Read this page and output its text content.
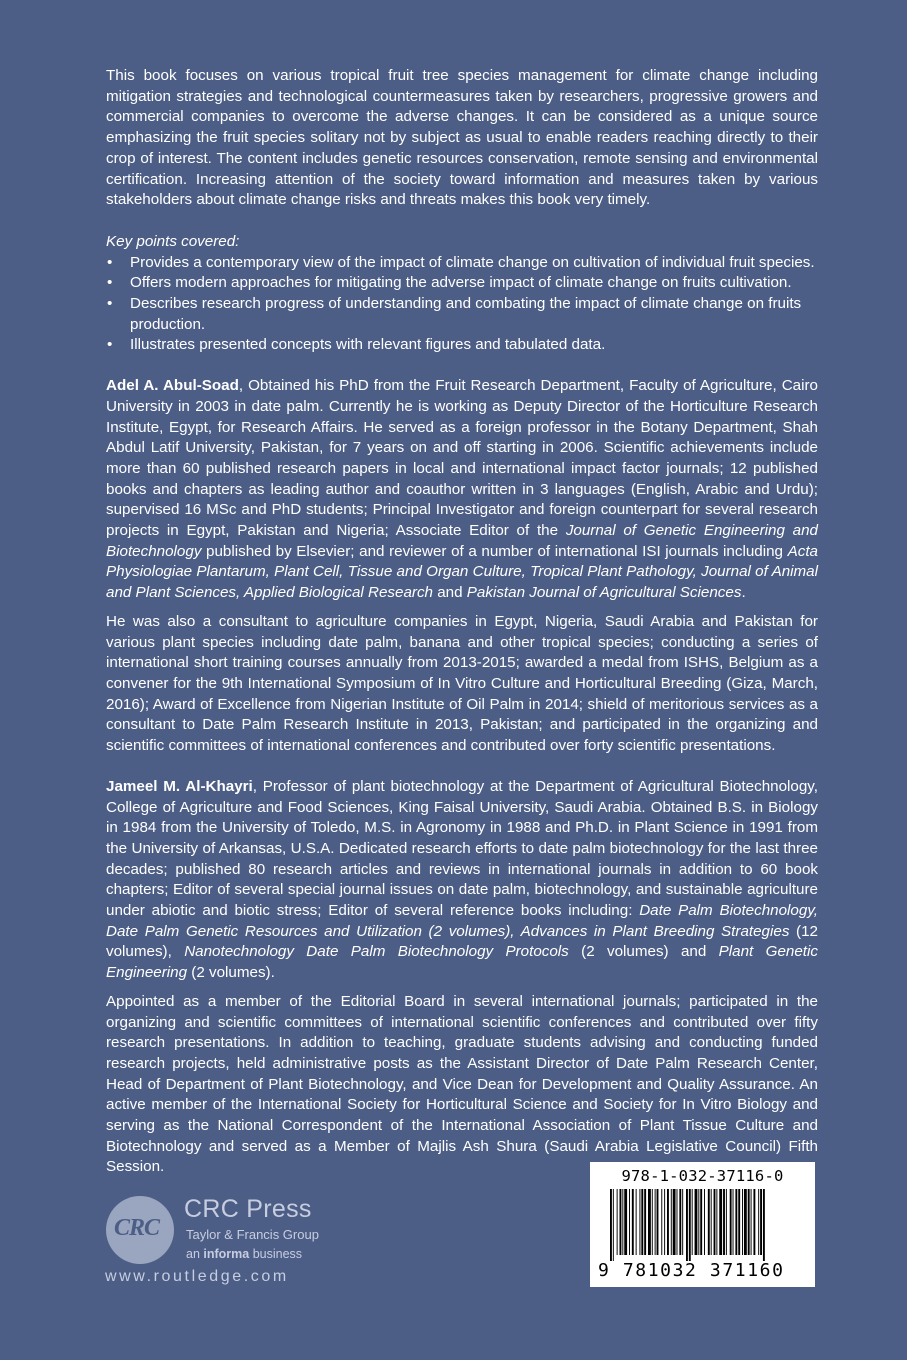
This book focuses on various tropical fruit tree species management for climate change including mitigation strategies and technological countermeasures taken by researchers, progressive growers and commercial companies to overcome the adverse changes. It can be considered as a unique source emphasizing the fruit species solitary not by subject as usual to enable readers reaching directly to their crop of interest. The content includes genetic resources conservation, remote sensing and environmental certification. Increasing attention of the society toward information and measures taken by various stakeholders about climate change risks and threats makes this book very timely.

Key points covered:

• Provides a contemporary view of the impact of climate change on cultivation of individual fruit species.
• Offers modern approaches for mitigating the adverse impact of climate change on fruits cultivation.
• Describes research progress of understanding and combating the impact of climate change on fruits production.
• Illustrates presented concepts with relevant figures and tabulated data.

Adel A. Abul-Soad, Obtained his PhD from the Fruit Research Department, Faculty of Agriculture, Cairo University in 2003 in date palm. Currently he is working as Deputy Director of the Horticulture Research Institute, Egypt, for Research Affairs. He served as a foreign professor in the Botany Department, Shah Abdul Latif University, Pakistan, for 7 years on and off starting in 2006. Scientific achievements include more than 60 published research papers in local and international impact factor journals; 12 published books and chapters as leading author and coauthor written in 3 languages (English, Arabic and Urdu); supervised 16 MSc and PhD students; Principal Investigator and foreign counterpart for several research projects in Egypt, Pakistan and Nigeria; Associate Editor of the Journal of Genetic Engineering and Biotechnology published by Elsevier; and reviewer of a number of international ISI journals including Acta Physiologiae Plantarum, Plant Cell, Tissue and Organ Culture, Tropical Plant Pathology, Journal of Animal and Plant Sciences, Applied Biological Research and Pakistan Journal of Agricultural Sciences.

He was also a consultant to agriculture companies in Egypt, Nigeria, Saudi Arabia and Pakistan for various plant species including date palm, banana and other tropical species; conducting a series of international short training courses annually from 2013-2015; awarded a medal from ISHS, Belgium as a convener for the 9th International Symposium of In Vitro Culture and Horticultural Breeding (Giza, March, 2016); Award of Excellence from Nigerian Institute of Oil Palm in 2014; shield of meritorious services as a consultant to Date Palm Research Institute in 2013, Pakistan; and participated in the organizing and scientific committees of international conferences and contributed over forty scientific presentations.

Jameel M. Al-Khayri, Professor of plant biotechnology at the Department of Agricultural Biotechnology, College of Agriculture and Food Sciences, King Faisal University, Saudi Arabia. Obtained B.S. in Biology in 1984 from the University of Toledo, M.S. in Agronomy in 1988 and Ph.D. in Plant Science in 1991 from the University of Arkansas, U.S.A. Dedicated research efforts to date palm biotechnology for the last three decades; published 80 research articles and reviews in international journals in addition to 60 book chapters; Editor of several special journal issues on date palm, biotechnology, and sustainable agriculture under abiotic and biotic stress; Editor of several reference books including: Date Palm Biotechnology, Date Palm Genetic Resources and Utilization (2 volumes), Advances in Plant Breeding Strategies (12 volumes), Nanotechnology Date Palm Biotechnology Protocols (2 volumes) and Plant Genetic Engineering (2 volumes).

Appointed as a member of the Editorial Board in several international journals; participated in the organizing and scientific committees of international scientific conferences and contributed over fifty research presentations. In addition to teaching, graduate students advising and conducting funded research projects, held administrative posts as the Assistant Director of Date Palm Research Center, Head of Department of Plant Biotechnology, and Vice Dean for Development and Quality Assurance. An active member of the International Society for Horticultural Science and Society for In Vitro Biology and serving as the National Correspondent of the International Association of Plant Tissue Culture and Biotechnology and served as a Member of Majlis Ash Shura (Saudi Arabia Legislative Council) Fifth Session.

CRC
CRC Press
Taylor & Francis Group
an informa business
www.routledge.com
978-1-032-37116-0
9 781032 371160
